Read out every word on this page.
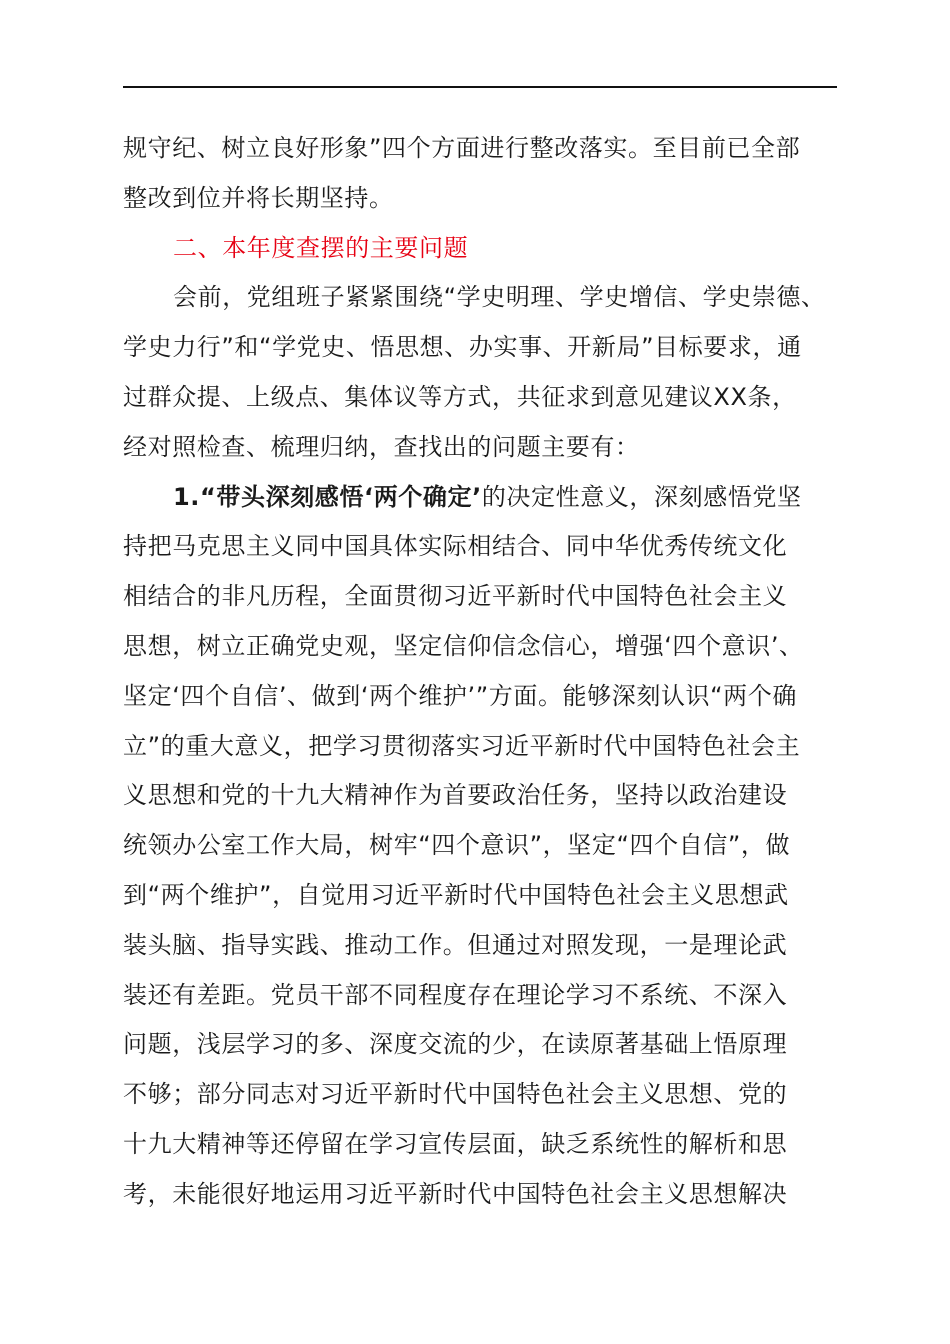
规守纪、树立良好形象”四个方面进行整改落实。至目前已全部
整改到位并将长期坚持。
二、本年度查摆的主要问题
会前，党组班子紧紧围绕“学史明理、学史增信、学史崇德、
学史力行”和“学党史、悟思想、办实事、开新局”目标要求，通
过群众提、上级点、集体议等方式，共征求到意见建议XX条，
经对照检查、梳理归纳，查找出的问题主要有：
1.“带头深刻感悟‘两个确定’的决定性意义，深刻感悟党坚
持把马克思主义同中国具体实际相结合、同中华优秀传统文化
相结合的非凡历程，全面贯彻习近平新时代中国特色社会主义
思想，树立正确党史观，坚定信仰信念信心，增强‘四个意识’、
坚定‘四个自信’、做到‘两个维护’”方面。能够深刻认识“两个确
立”的重大意义，把学习贯彻落实习近平新时代中国特色社会主
义思想和党的十九大精神作为首要政治任务，坚持以政治建设
统领办公室工作大局，树牢“四个意识”，坚定“四个自信”，做
到“两个维护”，自觉用习近平新时代中国特色社会主义思想武
装头脑、指导实践、推动工作。但通过对照发现，一是理论武
装还有差距。党员干部不同程度存在理论学习不系统、不深入
问题，浅层学习的多、深度交流的少，在读原著基础上悟原理
不够；部分同志对习近平新时代中国特色社会主义思想、党的
十九大精神等还停留在学习宣传层面，缺乏系统性的解析和思
考，未能很好地运用习近平新时代中国特色社会主义思想解决
